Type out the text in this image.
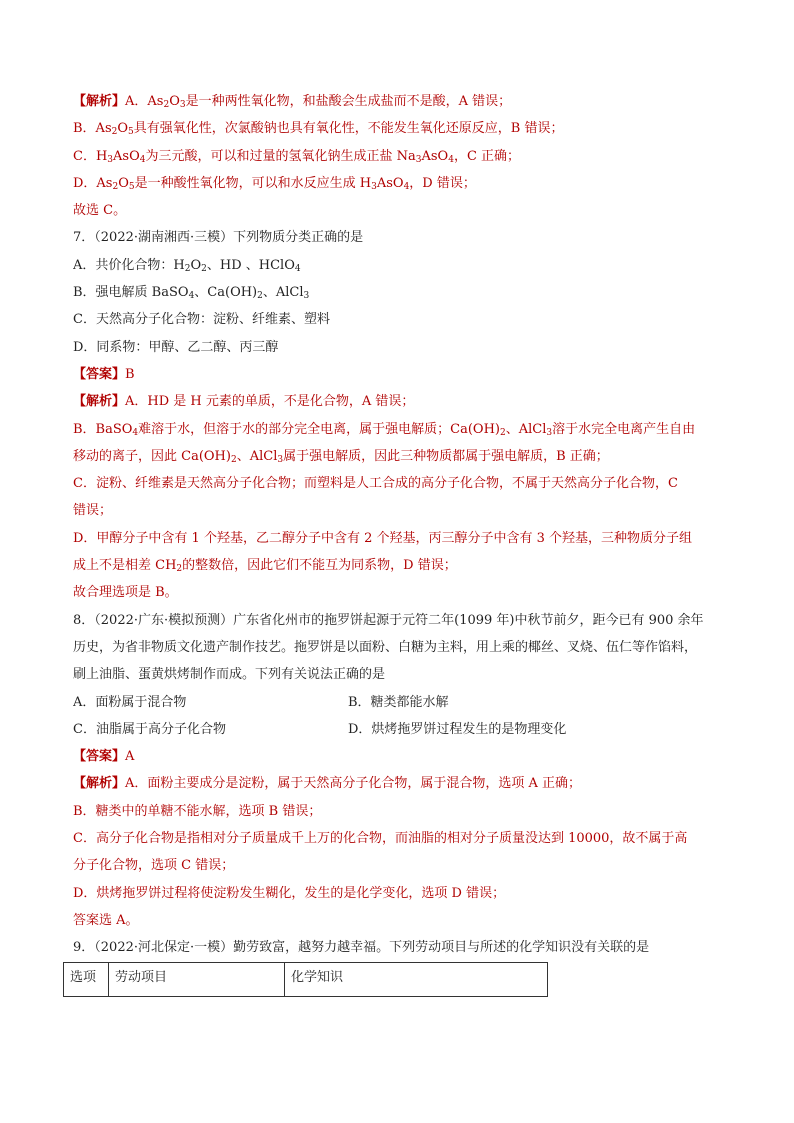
【解析】A．$As_2O_3$是一种两性氧化物，和盐酸会生成盐而不是酸，A 错误；
B．$As_2O_5$具有强氧化性，次氯酸钠也具有氧化性，不能发生氧化还原反应，B 错误；
C．$H_3AsO_4$为三元酸，可以和过量的氢氧化钠生成正盐 $Na_3AsO_4$，C 正确；
D．$As_2O_5$是一种酸性氧化物，可以和水反应生成 $H_3AsO_4$，D 错误；
故选 C。
7．（2022·湖南湘西·三模）下列物质分类正确的是
A．共价化合物：$H_2O_2$、HD 、HClO$_4$
B．强电解质 BaSO$_4$、$Ca(OH)_2$、AlCl$_3$
C．天然高分子化合物：淀粉、纤维素、塑料
D．同系物：甲醇、乙二醇、丙三醇
【答案】B
【解析】A．HD 是 H 元素的单质，不是化合物，A 错误；
B．BaSO$_4$难溶于水，但溶于水的部分完全电离，属于强电解质；$Ca(OH)_2$、AlCl$_3$溶于水完全电离产生自由
移动的离子，因此 $Ca(OH)_2$、AlCl$_3$属于强电解质，因此三种物质都属于强电解质，B 正确；
C．淀粉、纤维素是天然高分子化合物；而塑料是人工合成的高分子化合物，不属于天然高分子化合物，C
错误；
D．甲醇分子中含有 1 个羟基，乙二醇分子中含有 2 个羟基，丙三醇分子中含有 3 个羟基，三种物质分子组
成上不是相差 $CH_2$的整数倍，因此它们不能互为同系物，D 错误；
故合理选项是 B。
8．（2022·广东·模拟预测）广东省化州市的拖罗饼起源于元符二年(1099 年)中秋节前夕，距今已有 900 余年
历史，为省非物质文化遗产制作技艺。拖罗饼是以面粉、白糖为主料，用上乘的椰丝、叉烧、伍仁等作馅料，
刷上油脂、蛋黄烘烤制作而成。下列有关说法正确的是
A．面粉属于混合物	B．糖类都能水解
C．油脂属于高分子化合物	D．烘烤拖罗饼过程发生的是物理变化
【答案】A
【解析】A．面粉主要成分是淀粉，属于天然高分子化合物，属于混合物，选项 A 正确；
B．糖类中的单糖不能水解，选项 B 错误；
C．高分子化合物是指相对分子质量成千上万的化合物，而油脂的相对分子质量没达到 10000，故不属于高
分子化合物，选项 C 错误；
D．烘烤拖罗饼过程将使淀粉发生糊化，发生的是化学变化，选项 D 错误；
答案选 A。
9．（2022·河北保定·一模）勤劳致富，越努力越幸福。下列劳动项目与所述的化学知识没有关联的是
选项	劳动项目	化学知识
